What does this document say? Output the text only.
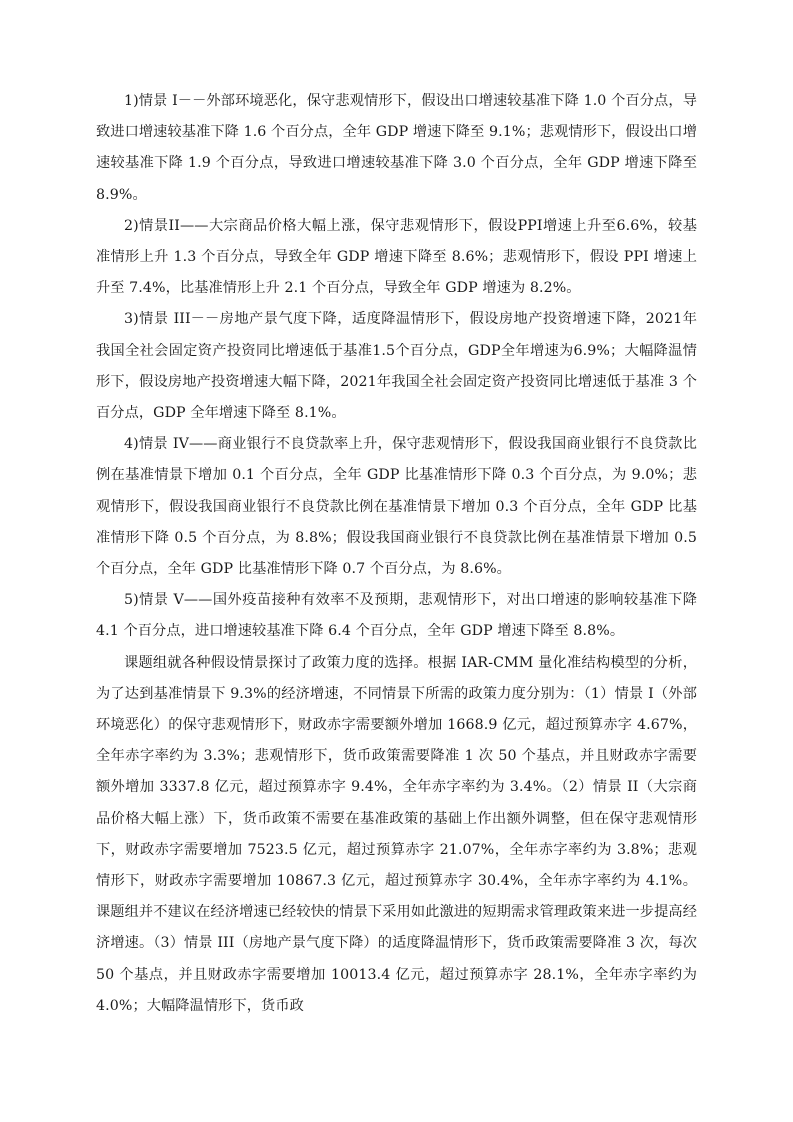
1)情景 I－－外部环境恶化，保守悲观情形下，假设出口增速较基准下降 1.0 个百分点，导致进口增速较基准下降 1.6 个百分点，全年 GDP 增速下降至 9.1%；悲观情形下，假设出口增速较基准下降 1.9 个百分点，导致进口增速较基准下降 3.0 个百分点，全年 GDP 增速下降至 8.9%。

2)情景II——大宗商品价格大幅上涨，保守悲观情形下，假设PPI增速上升至6.6%，较基准情形上升 1.3 个百分点，导致全年 GDP 增速下降至 8.6%；悲观情形下，假设 PPI 增速上升至 7.4%，比基准情形上升 2.1 个百分点，导致全年 GDP 增速为 8.2%。

3)情景 III－－房地产景气度下降，适度降温情形下，假设房地产投资增速下降，2021年我国全社会固定资产投资同比增速低于基准1.5个百分点，GDP全年增速为6.9%；大幅降温情形下，假设房地产投资增速大幅下降，2021年我国全社会固定资产投资同比增速低于基准 3 个百分点，GDP 全年增速下降至 8.1%。

4)情景 IV——商业银行不良贷款率上升，保守悲观情形下，假设我国商业银行不良贷款比例在基准情景下增加 0.1 个百分点，全年 GDP 比基准情形下降 0.3 个百分点，为 9.0%；悲观情形下，假设我国商业银行不良贷款比例在基准情景下增加 0.3 个百分点，全年 GDP 比基准情形下降 0.5 个百分点，为 8.8%；假设我国商业银行不良贷款比例在基准情景下增加 0.5 个百分点，全年 GDP 比基准情形下降 0.7 个百分点，为 8.6%。

5)情景 V——国外疫苗接种有效率不及预期，悲观情形下，对出口增速的影响较基准下降 4.1 个百分点，进口增速较基准下降 6.4 个百分点，全年 GDP 增速下降至 8.8%。

课题组就各种假设情景探讨了政策力度的选择。根据 IAR-CMM 量化准结构模型的分析，为了达到基准情景下 9.3%的经济增速，不同情景下所需的政策力度分别为：（1）情景 I（外部环境恶化）的保守悲观情形下，财政赤字需要额外增加 1668.9 亿元，超过预算赤字 4.67%，全年赤字率约为 3.3%；悲观情形下，货币政策需要降准 1 次 50 个基点，并且财政赤字需要额外增加 3337.8 亿元，超过预算赤字 9.4%，全年赤字率约为 3.4%。（2）情景 II（大宗商品价格大幅上涨）下，货币政策不需要在基准政策的基础上作出额外调整，但在保守悲观情形下，财政赤字需要增加 7523.5 亿元，超过预算赤字 21.07%，全年赤字率约为 3.8%；悲观情形下，财政赤字需要增加 10867.3 亿元，超过预算赤字 30.4%，全年赤字率约为 4.1%。课题组并不建议在经济增速已经较快的情景下采用如此激进的短期需求管理政策来进一步提高经济增速。（3）情景 III（房地产景气度下降）的适度降温情形下，货币政策需要降准 3 次，每次 50 个基点，并且财政赤字需要增加 10013.4 亿元，超过预算赤字 28.1%，全年赤字率约为 4.0%；大幅降温情形下，货币政
